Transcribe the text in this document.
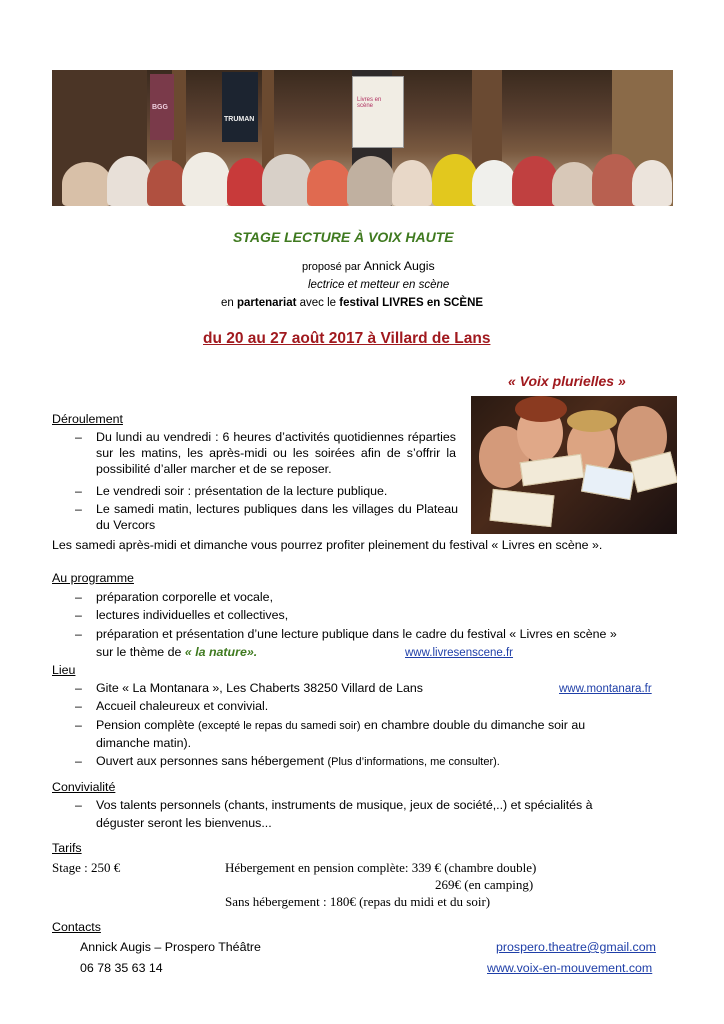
BGG
TRUMAN
Livres en scène
STAGE LECTURE À VOIX HAUTE
proposé par Annick Augis
lectrice et metteur en scène
en partenariat avec le festival LIVRES en SCÈNE
du 20 au 27 août 2017 à Villard de Lans
« Voix plurielles »
Déroulement
– Du lundi au vendredi : 6 heures d’activités quotidiennes réparties sur les matins, les après-midi ou les soirées afin de s’offrir la possibilité d’aller marcher et de se reposer.
– Le vendredi soir : présentation de la lecture publique.
– Le samedi matin, lectures publiques dans les villages du Plateau du Vercors
Les samedi après-midi et dimanche vous pourrez profiter pleinement du festival « Livres en scène ».
Au programme
– préparation corporelle et vocale,
– lectures individuelles et collectives,
– préparation et présentation d’une lecture publique dans le cadre du festival « Livres en scène »
sur le thème de « la nature».	www.livresenscene.fr
Lieu
– Gite « La Montanara », Les Chaberts 38250 Villard de Lans	www.montanara.fr
– Accueil chaleureux et convivial.
– Pension complète (excepté le repas du samedi soir) en chambre double du dimanche soir au
dimanche matin).
– Ouvert aux personnes sans hébergement (Plus d’informations, me consulter).
Convivialité
– Vos talents personnels (chants, instruments de musique, jeux de société,..) et spécialités à
déguster seront les bienvenus...
Tarifs
Stage : 250 €	Hébergement en pension complète: 339 € (chambre double)
269€ (en camping)
Sans hébergement : 180€ (repas du midi et du soir)
Contacts
Annick Augis – Prospero Théâtre	prospero.theatre@gmail.com
06 78 35 63 14	www.voix-en-mouvement.com
